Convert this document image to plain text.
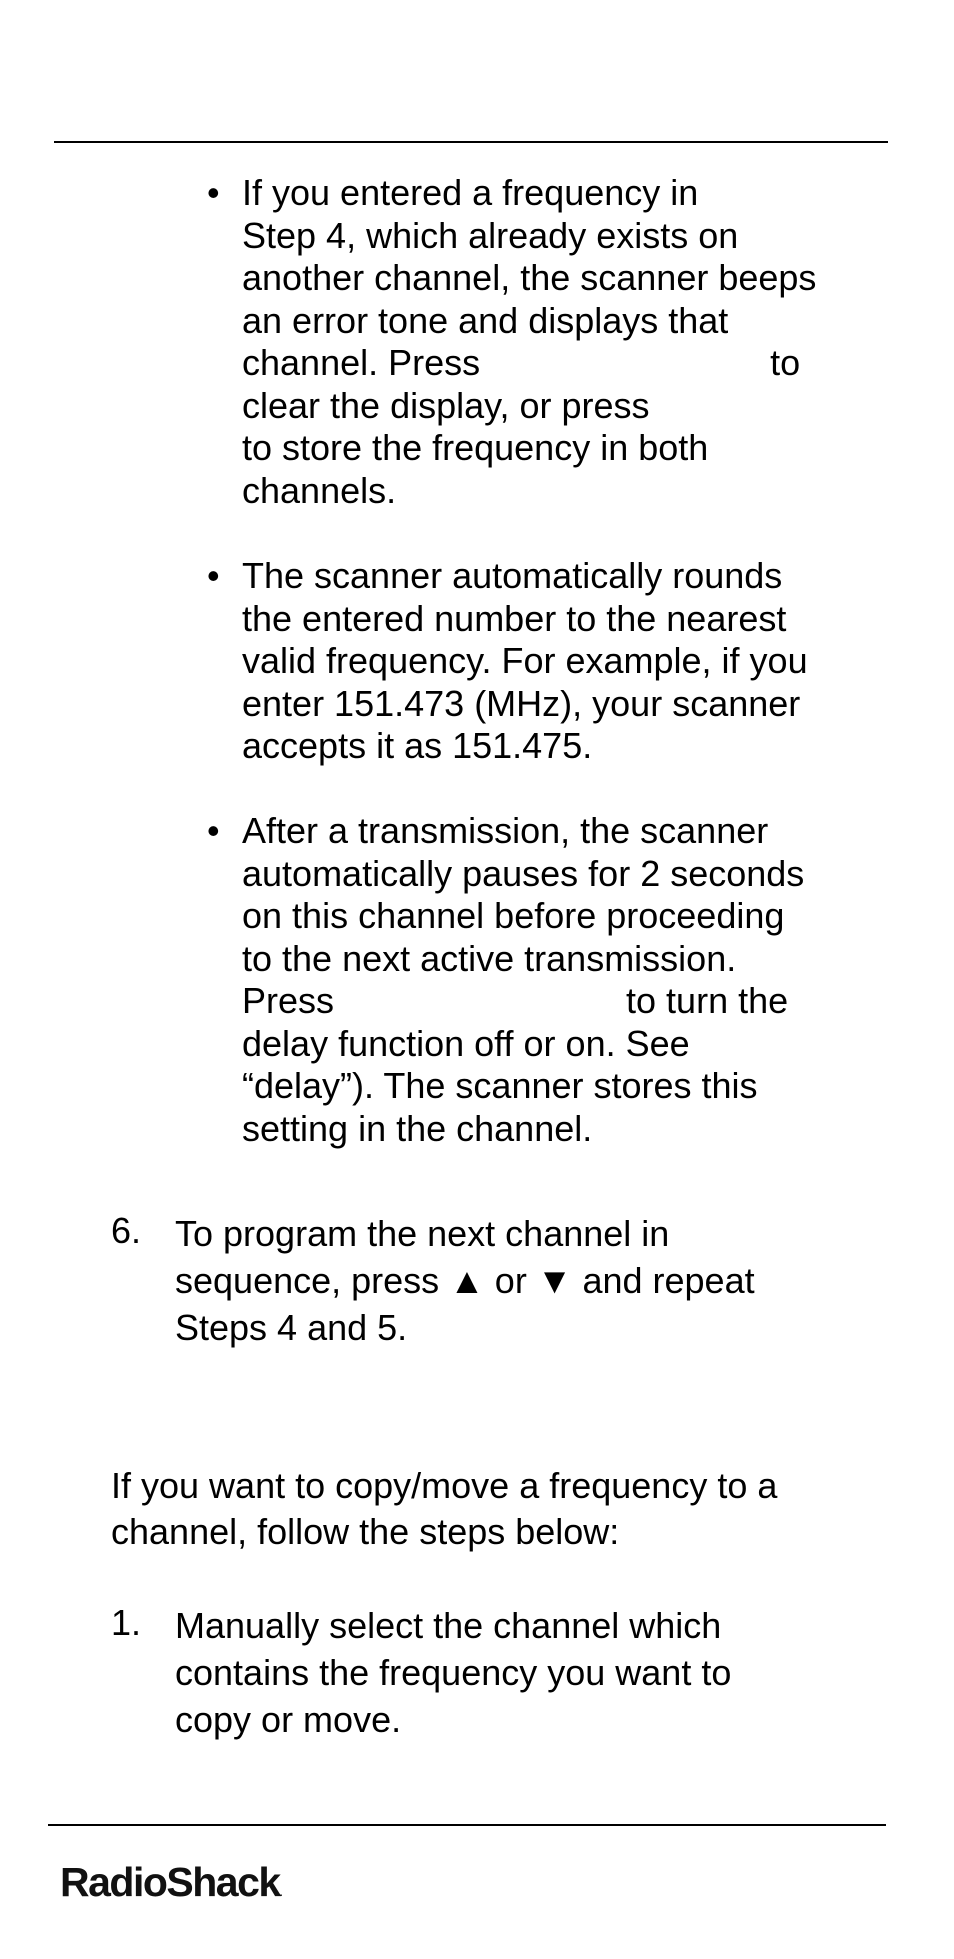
• If you entered a frequency in
Step 4, which already exists on
another channel, the scanner beeps
an error tone and displays that
channel. Press	to
clear the display, or press
to store the frequency in both
channels.
• The scanner automatically rounds
the entered number to the nearest
valid frequency. For example, if you
enter 151.473 (MHz), your scanner
accepts it as 151.475.
• After a transmission, the scanner
automatically pauses for 2 seconds
on this channel before proceeding
to the next active transmission.
Press	to turn the
delay function off or on. See
“delay”). The scanner stores this
setting in the channel.
6. To program the next channel in
sequence, press ▲ or ▼ and repeat
Steps 4 and 5.
If you want to copy/move a frequency to a
channel, follow the steps below:
1. Manually select the channel which
contains the frequency you want to
copy or move.
RadioShack.
